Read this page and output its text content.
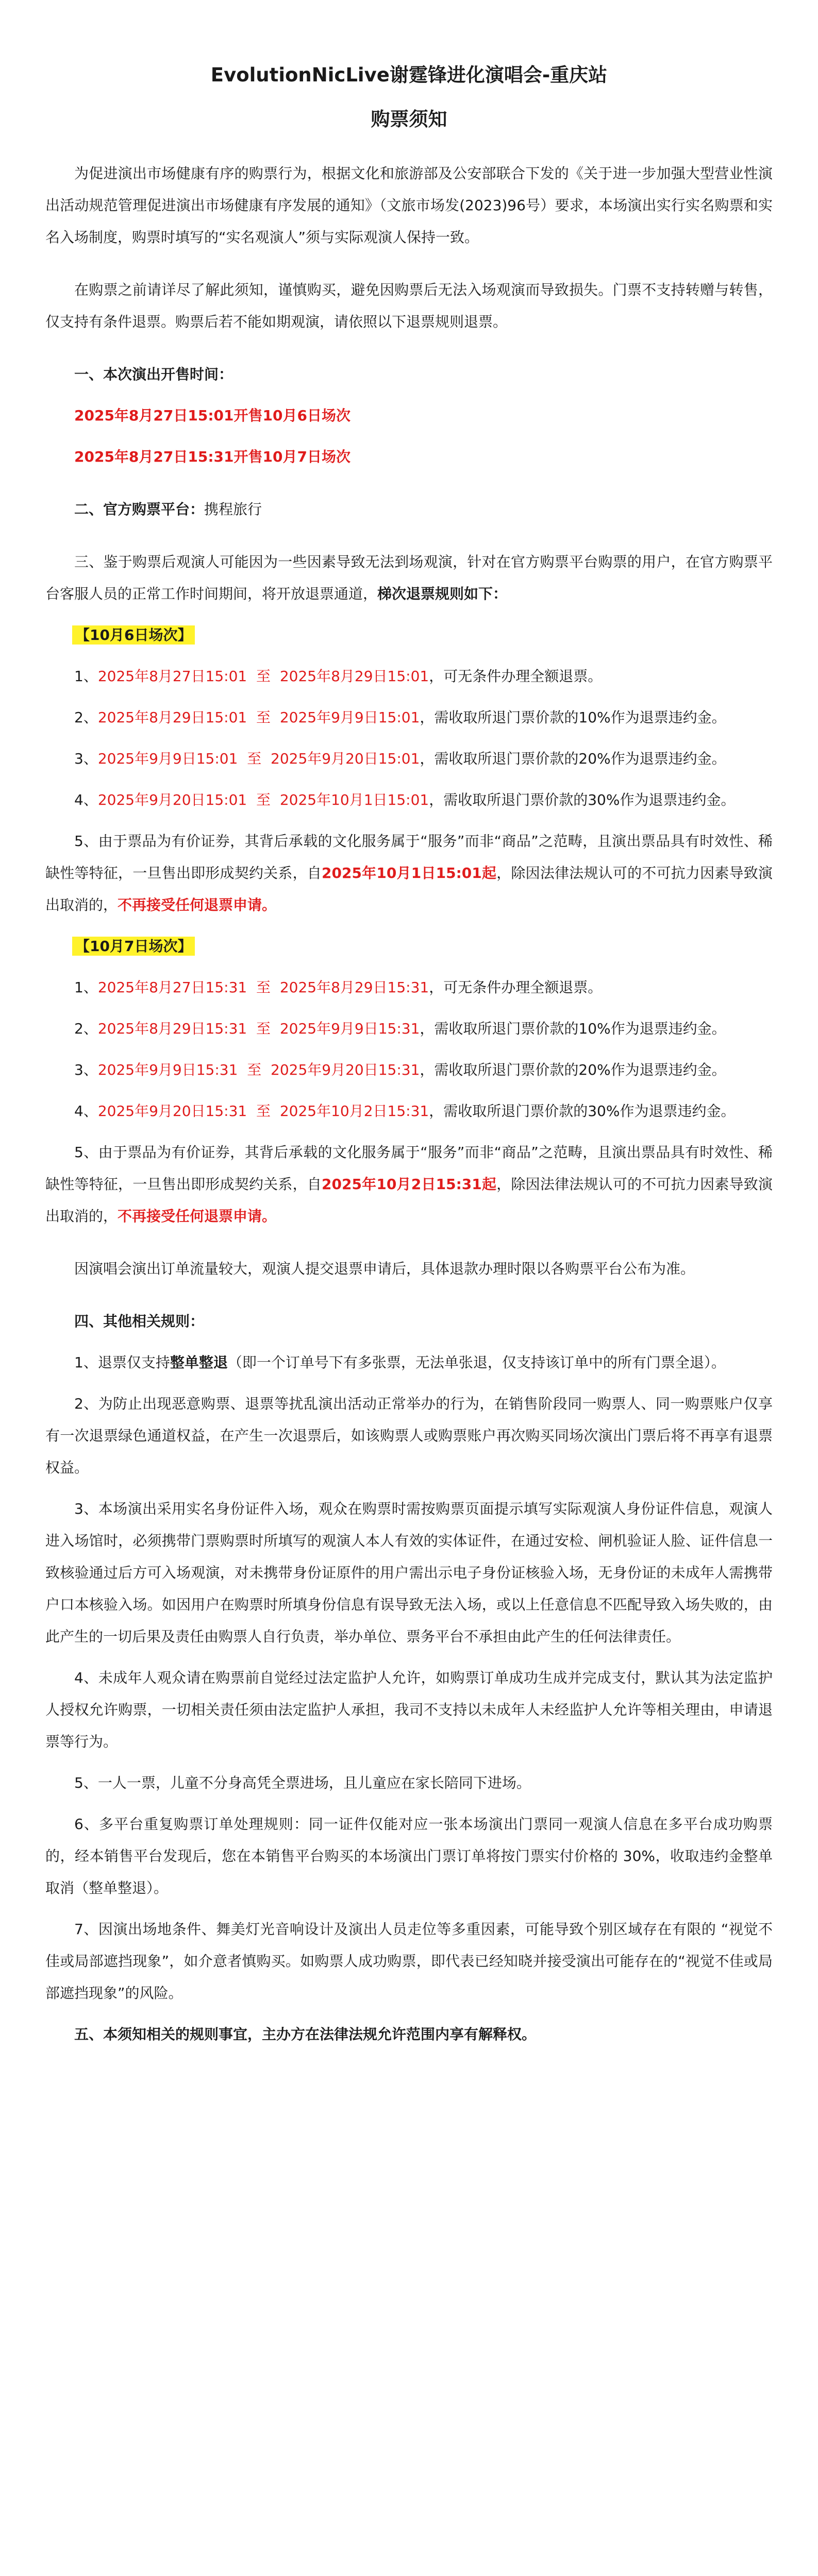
EvolutionNicLive谢霆锋进化演唱会-重庆站
购票须知

为促进演出市场健康有序的购票行为，根据文化和旅游部及公安部联合下发的《关于进一步加强大型营业性演出活动规范管理促进演出市场健康有序发展的通知》（文旅市场发(2023)96号）要求，本场演出实行实名购票和实名入场制度，购票时填写的“实名观演人”须与实际观演人保持一致。

在购票之前请详尽了解此须知，谨慎购买，避免因购票后无法入场观演而导致损失。门票不支持转赠与转售，仅支持有条件退票。购票后若不能如期观演，请依照以下退票规则退票。

一、本次演出开售时间：

2025年8月27日15:01开售10月6日场次

2025年8月27日15:31开售10月7日场次

二、官方购票平台：携程旅行

三、鉴于购票后观演人可能因为一些因素导致无法到场观演，针对在官方购票平台购票的用户，在官方购票平台客服人员的正常工作时间期间，将开放退票通道，梯次退票规则如下：

【10月6日场次】

1、2025年8月27日15:01  至  2025年8月29日15:01，可无条件办理全额退票。

2、2025年8月29日15:01  至  2025年9月9日15:01，需收取所退门票价款的10%作为退票违约金。

3、2025年9月9日15:01  至  2025年9月20日15:01，需收取所退门票价款的20%作为退票违约金。

4、2025年9月20日15:01  至  2025年10月1日15:01，需收取所退门票价款的30%作为退票违约金。

5、由于票品为有价证券，其背后承载的文化服务属于“服务”而非“商品”之范畴，且演出票品具有时效性、稀缺性等特征，一旦售出即形成契约关系，自2025年10月1日15:01起，除因法律法规认可的不可抗力因素导致演出取消的，不再接受任何退票申请。

【10月7日场次】

1、2025年8月27日15:31  至  2025年8月29日15:31，可无条件办理全额退票。

2、2025年8月29日15:31  至  2025年9月9日15:31，需收取所退门票价款的10%作为退票违约金。

3、2025年9月9日15:31  至  2025年9月20日15:31，需收取所退门票价款的20%作为退票违约金。

4、2025年9月20日15:31  至  2025年10月2日15:31，需收取所退门票价款的30%作为退票违约金。

5、由于票品为有价证券，其背后承载的文化服务属于“服务”而非“商品”之范畴，且演出票品具有时效性、稀缺性等特征，一旦售出即形成契约关系，自2025年10月2日15:31起，除因法律法规认可的不可抗力因素导致演出取消的，不再接受任何退票申请。

因演唱会演出订单流量较大，观演人提交退票申请后，具体退款办理时限以各购票平台公布为准。

四、其他相关规则：

1、退票仅支持整单整退（即一个订单号下有多张票，无法单张退，仅支持该订单中的所有门票全退）。

2、为防止出现恶意购票、退票等扰乱演出活动正常举办的行为，在销售阶段同一购票人、同一购票账户仅享有一次退票绿色通道权益，在产生一次退票后，如该购票人或购票账户再次购买同场次演出门票后将不再享有退票权益。

3、本场演出采用实名身份证件入场，观众在购票时需按购票页面提示填写实际观演人身份证件信息，观演人进入场馆时，必须携带门票购票时所填写的观演人本人有效的实体证件，在通过安检、闸机验证人脸、证件信息一致核验通过后方可入场观演，对未携带身份证原件的用户需出示电子身份证核验入场，无身份证的未成年人需携带户口本核验入场。如因用户在购票时所填身份信息有误导致无法入场，或以上任意信息不匹配导致入场失败的，由此产生的一切后果及责任由购票人自行负责，举办单位、票务平台不承担由此产生的任何法律责任。

4、未成年人观众请在购票前自觉经过法定监护人允许，如购票订单成功生成并完成支付，默认其为法定监护人授权允许购票，一切相关责任须由法定监护人承担，我司不支持以未成年人未经监护人允许等相关理由，申请退票等行为。

5、一人一票，儿童不分身高凭全票进场，且儿童应在家长陪同下进场。

6、多平台重复购票订单处理规则：同一证件仅能对应一张本场演出门票同一观演人信息在多平台成功购票的，经本销售平台发现后，您在本销售平台购买的本场演出门票订单将按门票实付价格的 30%，收取违约金整单取消（整单整退）。

7、因演出场地条件、舞美灯光音响设计及演出人员走位等多重因素，可能导致个别区域存在有限的 “视觉不佳或局部遮挡现象”，如介意者慎购买。如购票人成功购票，即代表已经知晓并接受演出可能存在的“视觉不佳或局部遮挡现象”的风险。

五、本须知相关的规则事宜，主办方在法律法规允许范围内享有解释权。
